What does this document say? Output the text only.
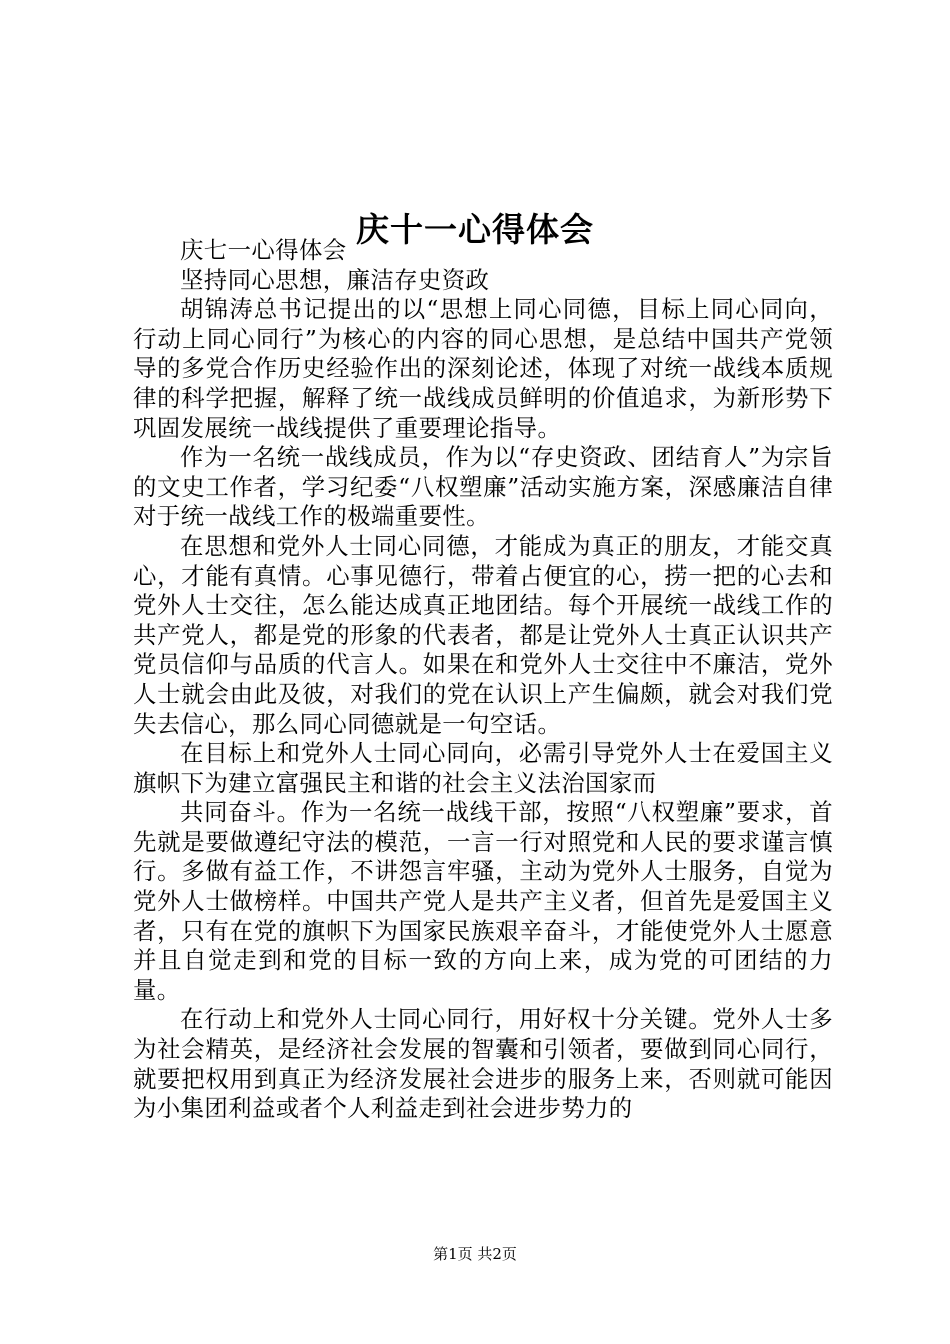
庆十一心得体会

庆七一心得体会

坚持同心思想，廉洁存史资政

胡锦涛总书记提出的以“思想上同心同德，目标上同心同向，行动上同心同行”为核心的内容的同心思想，是总结中国共产党领导的多党合作历史经验作出的深刻论述，体现了对统一战线本质规律的科学把握，解释了统一战线成员鲜明的价值追求，为新形势下巩固发展统一战线提供了重要理论指导。

作为一名统一战线成员，作为以“存史资政、团结育人”为宗旨的文史工作者，学习纪委“八权塑廉”活动实施方案，深感廉洁自律对于统一战线工作的极端重要性。

在思想和党外人士同心同德，才能成为真正的朋友，才能交真心，才能有真情。心事见德行，带着占便宜的心，捞一把的心去和党外人士交往，怎么能达成真正地团结。每个开展统一战线工作的共产党人，都是党的形象的代表者，都是让党外人士真正认识共产党员信仰与品质的代言人。如果在和党外人士交往中不廉洁，党外人士就会由此及彼，对我们的党在认识上产生偏颇，就会对我们党失去信心，那么同心同德就是一句空话。

在目标上和党外人士同心同向，必需引导党外人士在爱国主义旗帜下为建立富强民主和谐的社会主义法治国家而

共同奋斗。作为一名统一战线干部，按照“八权塑廉”要求，首先就是要做遵纪守法的模范，一言一行对照党和人民的要求谨言慎行。多做有益工作，不讲怨言牢骚，主动为党外人士服务，自觉为党外人士做榜样。中国共产党人是共产主义者，但首先是爱国主义者，只有在党的旗帜下为国家民族艰辛奋斗，才能使党外人士愿意并且自觉走到和党的目标一致的方向上来，成为党的可团结的力量。

在行动上和党外人士同心同行，用好权十分关键。党外人士多为社会精英，是经济社会发展的智囊和引领者，要做到同心同行，就要把权用到真正为经济发展社会进步的服务上来，否则就可能因为小集团利益或者个人利益走到社会进步势力的

第1页 共2页
